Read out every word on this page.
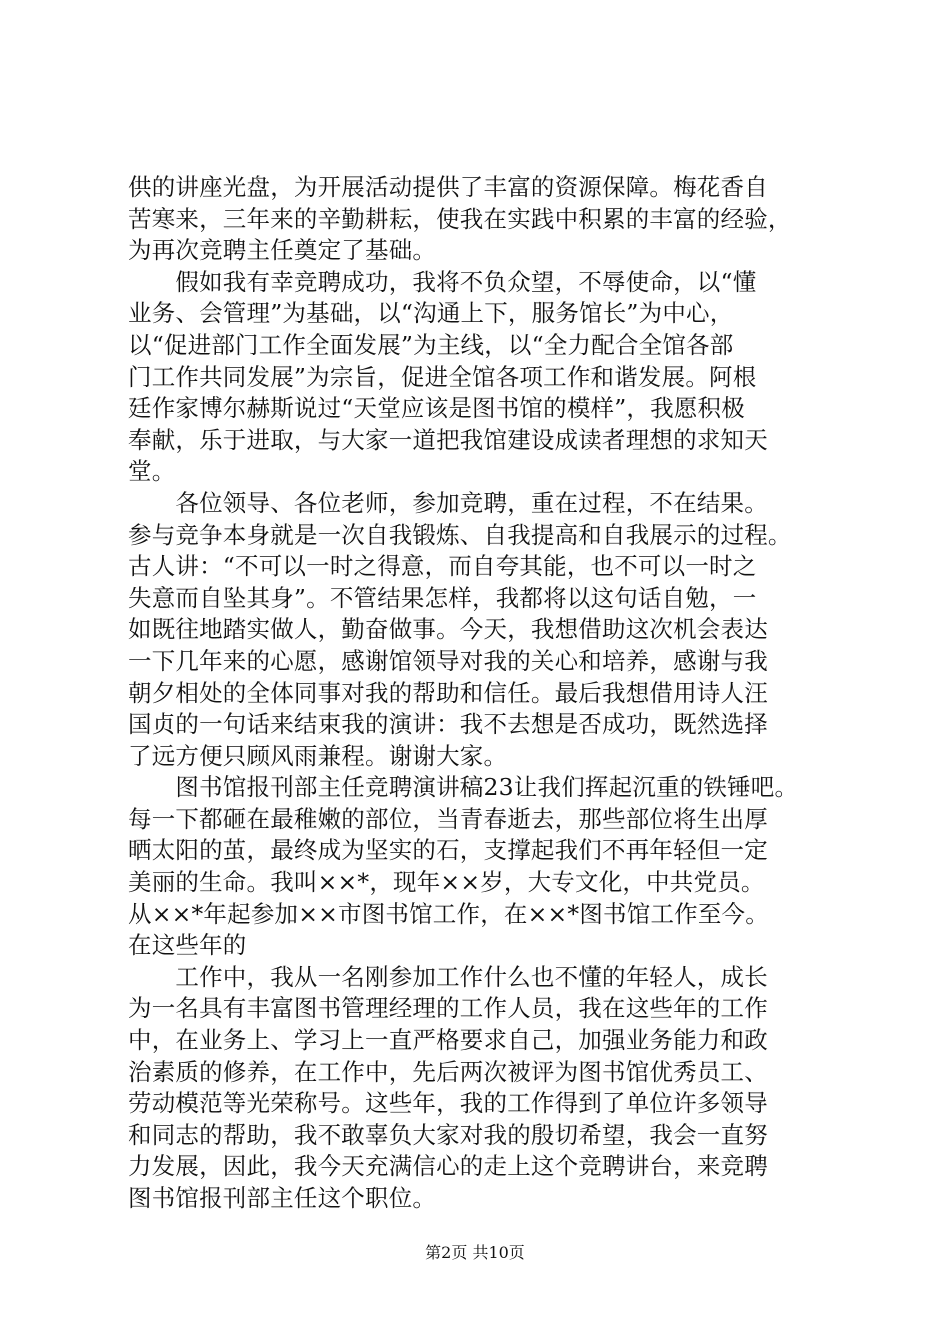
供的讲座光盘，为开展活动提供了丰富的资源保障。梅花香自
苦寒来，三年来的辛勤耕耘，使我在实践中积累的丰富的经验，
为再次竞聘主任奠定了基础。
　　假如我有幸竞聘成功，我将不负众望，不辱使命，以“懂
业务、会管理”为基础，以“沟通上下，服务馆长”为中心，
以“促进部门工作全面发展”为主线，以“全力配合全馆各部
门工作共同发展”为宗旨，促进全馆各项工作和谐发展。阿根
廷作家博尔赫斯说过“天堂应该是图书馆的模样”，我愿积极
奉献，乐于进取，与大家一道把我馆建设成读者理想的求知天
堂。
　　各位领导、各位老师，参加竞聘，重在过程，不在结果。
参与竞争本身就是一次自我锻炼、自我提高和自我展示的过程。
古人讲：“不可以一时之得意，而自夸其能，也不可以一时之
失意而自坠其身”。不管结果怎样，我都将以这句话自勉，一
如既往地踏实做人，勤奋做事。今天，我想借助这次机会表达
一下几年来的心愿，感谢馆领导对我的关心和培养，感谢与我
朝夕相处的全体同事对我的帮助和信任。最后我想借用诗人汪
国贞的一句话来结束我的演讲：我不去想是否成功，既然选择
了远方便只顾风雨兼程。谢谢大家。
　　图书馆报刊部主任竞聘演讲稿23让我们挥起沉重的铁锤吧。
每一下都砸在最稚嫩的部位，当青春逝去，那些部位将生出厚
晒太阳的茧，最终成为坚实的石，支撑起我们不再年轻但一定
美丽的生命。我叫××*，现年××岁，大专文化，中共党员。
从××*年起参加××市图书馆工作，在××*图书馆工作至今。
在这些年的
　　工作中，我从一名刚参加工作什么也不懂的年轻人，成长
为一名具有丰富图书管理经理的工作人员，我在这些年的工作
中，在业务上、学习上一直严格要求自己，加强业务能力和政
治素质的修养，在工作中，先后两次被评为图书馆优秀员工、
劳动模范等光荣称号。这些年，我的工作得到了单位许多领导
和同志的帮助，我不敢辜负大家对我的殷切希望，我会一直努
力发展，因此，我今天充满信心的走上这个竞聘讲台，来竞聘
图书馆报刊部主任这个职位。
第2页 共10页
